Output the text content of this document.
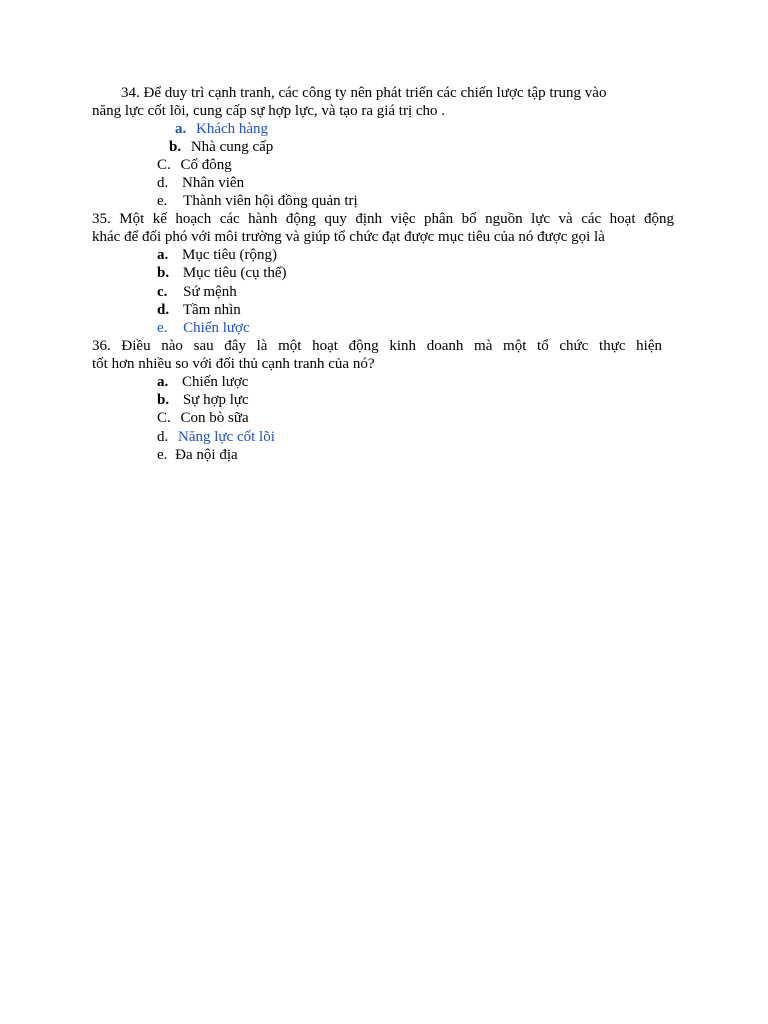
34. Để duy trì cạnh tranh, các công ty nên phát triển các chiến lược tập trung vào
năng lực cốt lõi, cung cấp sự hợp lực, và tạo ra giá trị cho .
a. Khách hàng
b. Nhà cung cấp
C. Cổ đông
d. Nhân viên
e. Thành viên hội đồng quản trị
35. Một kế hoạch các hành động quy định việc phân bổ nguồn lực và các hoạt động
khác để đối phó với môi trường và giúp tổ chức đạt được mục tiêu của nó được gọi là
a. Mục tiêu (rộng)
b. Mục tiêu (cụ thể)
c. Sứ mệnh
d. Tầm nhìn
e. Chiến lược
36. Điều nào sau đây là một hoạt động kinh doanh mà một tổ chức thực hiện
tốt hơn nhiều so với đối thủ cạnh tranh của nó?
a. Chiến lược
b. Sự hợp lực
C. Con bò sữa
d. Năng lực cốt lõi
e. Đa nội địa
